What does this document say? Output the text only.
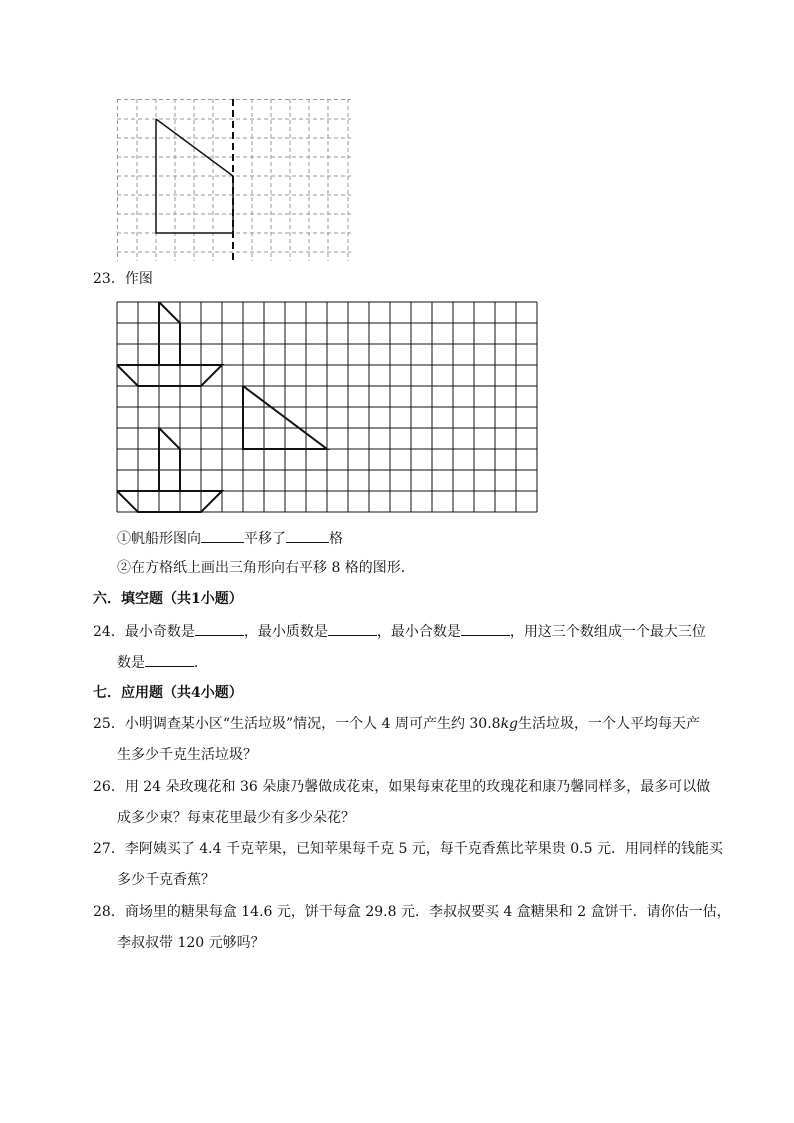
23．作图
①帆船形图向	平移了	格
②在方格纸上画出三角形向右平移 8 格的图形．
六．填空题（共1小题）
24．最小奇数是	，最小质数是	，最小合数是	，用这三个数组成一个最大三位
数是	．
七．应用题（共4小题）
25．小明调查某小区“生活垃圾”情况，一个人 4 周可产生约 30.8kg生活垃圾，一个人平均每天产
生多少千克生活垃圾？
26．用 24 朵玫瑰花和 36 朵康乃馨做成花束，如果每束花里的玫瑰花和康乃馨同样多，最多可以做
成多少束？每束花里最少有多少朵花？
27．李阿姨买了 4.4 千克苹果，已知苹果每千克 5 元，每千克香蕉比苹果贵 0.5 元．用同样的钱能买
多少千克香蕉？
28．商场里的糖果每盒 14.6 元，饼干每盒 29.8 元．李叔叔要买 4 盒糖果和 2 盒饼干．请你估一估，
李叔叔带 120 元够吗？
